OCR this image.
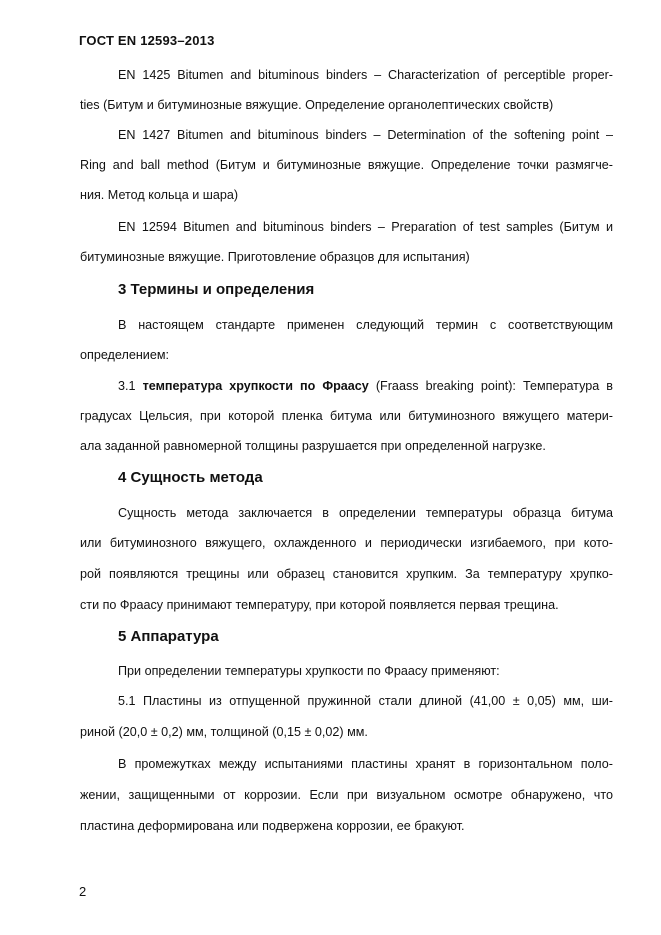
ГОСТ EN 12593–2013
EN 1425 Bitumen and bituminous binders – Characterization of perceptible proper-
ties (Битум и битуминозные вяжущие. Определение органолептических свойств)
EN 1427 Bitumen and bituminous binders – Determination of the softening point –
Ring and ball method (Битум и битуминозные вяжущие. Определение точки размягче-
ния. Метод кольца и шара)
EN 12594 Bitumen and bituminous binders – Preparation of test samples (Битум и
битуминозные вяжущие. Приготовление образцов для испытания)
3 Термины и определения
В настоящем стандарте применен следующий термин с соответствующим
определением:
3.1 температура хрупкости по Фраасу (Fraass breaking point): Температура в
градусах Цельсия, при которой пленка битума или битуминозного вяжущего матери-
ала заданной равномерной толщины разрушается при определенной нагрузке.
4 Сущность метода
Сущность метода заключается в определении температуры образца битума
или битуминозного вяжущего, охлажденного и периодически изгибаемого, при кото-
рой появляются трещины или образец становится хрупким. За температуру хрупко-
сти по Фраасу принимают температуру, при которой появляется первая трещина.
5 Аппаратура
При определении температуры хрупкости по Фраасу применяют:
5.1 Пластины из отпущенной пружинной стали длиной (41,00 ± 0,05) мм, ши-
риной (20,0 ± 0,2) мм, толщиной (0,15 ± 0,02) мм.
В промежутках между испытаниями пластины хранят в горизонтальном поло-
жении, защищенными от коррозии. Если при визуальном осмотре обнаружено, что
пластина деформирована или подвержена коррозии, ее бракуют.
2
